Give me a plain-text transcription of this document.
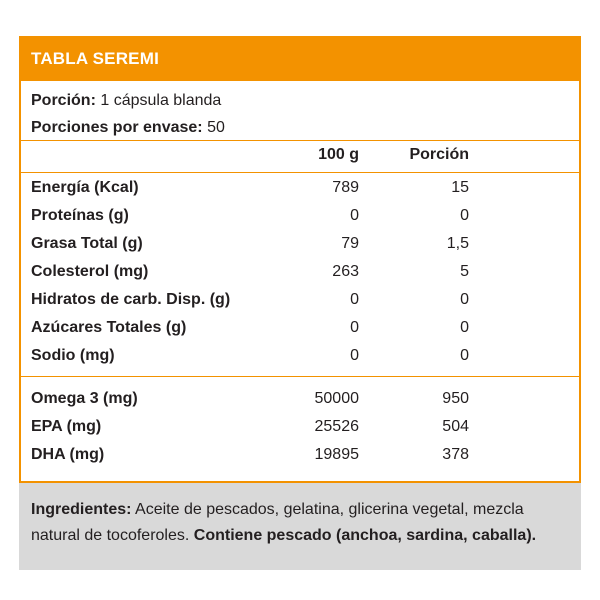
TABLA SEREMI
Porción: 1 cápsula blanda
Porciones por envase: 50
100 g	Porción
Energía (Kcal)	789	15
Proteínas (g)	0	0
Grasa Total (g)	79	1,5
Colesterol (mg)	263	5
Hidratos de carb. Disp. (g)	0	0
Azúcares Totales (g)	0	0
Sodio (mg)	0	0
Omega 3 (mg)	50000	950
EPA (mg)	25526	504
DHA (mg)	19895	378
Ingredientes: Aceite de pescados, gelatina, glicerina vegetal, mezcla natural de tocoferoles. Contiene pescado (anchoa, sardina, caballa).
